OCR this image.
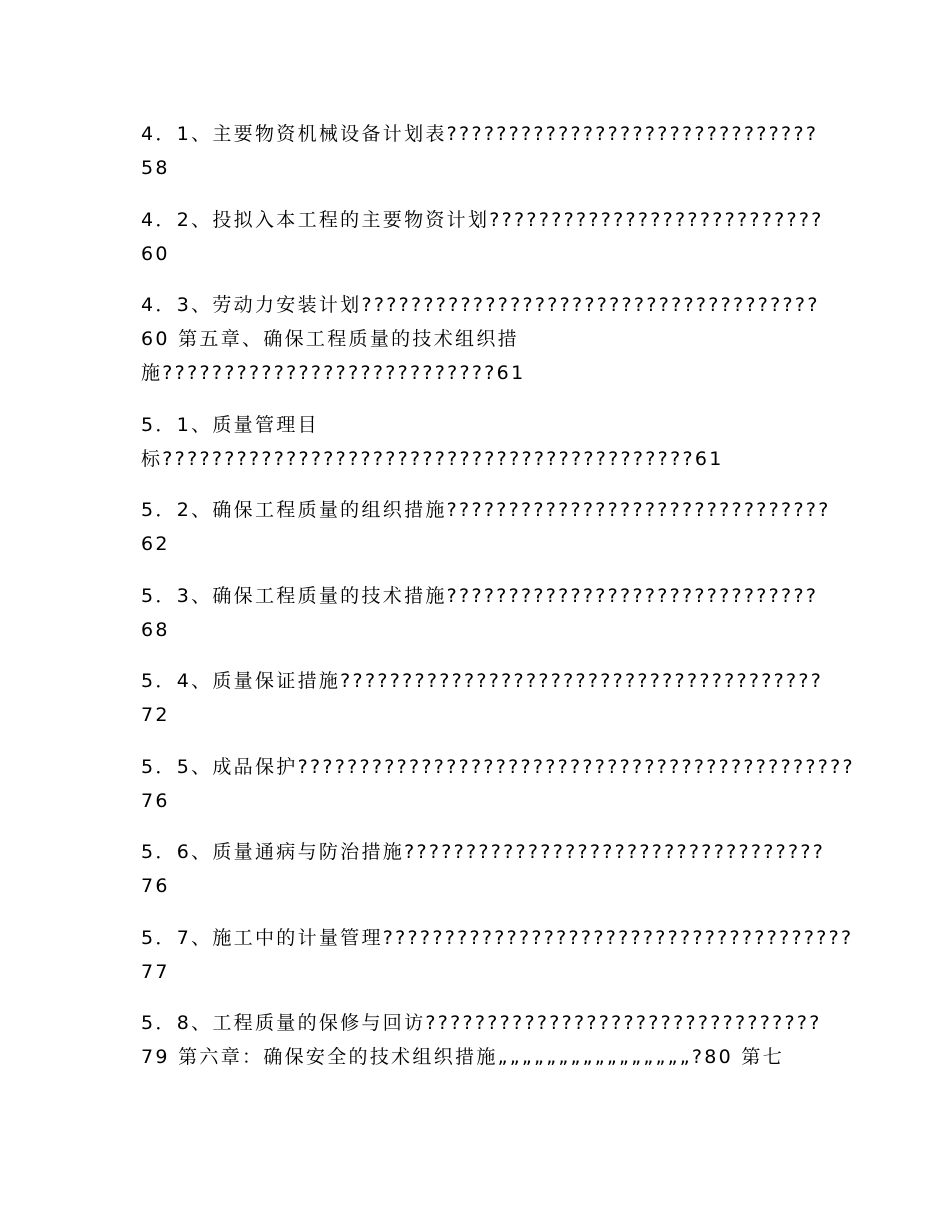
4．1、主要物资机械设备计划表??????????????????????????????
58
4．2、投拟入本工程的主要物资计划???????????????????????????
60
4．3、劳动力安装计划?????????????????????????????????????
60 第五章、确保工程质量的技术组织措
施???????????????????????????61
5．1、质量管理目
标???????????????????????????????????????????61
5．2、确保工程质量的组织措施???????????????????????????????
62
5．3、确保工程质量的技术措施??????????????????????????????
68
5．4、质量保证措施???????????????????????????????????????
72
5．5、成品保护?????????????????????????????????????????????
76
5．6、质量通病与防治措施??????????????????????????????????
76
5．7、施工中的计量管理??????????????????????????????????????
77
5．8、工程质量的保修与回访????????????????????????????????
79 第六章：确保安全的技术组织措施„„„„„„„„„„„„„„„„?80 第七
